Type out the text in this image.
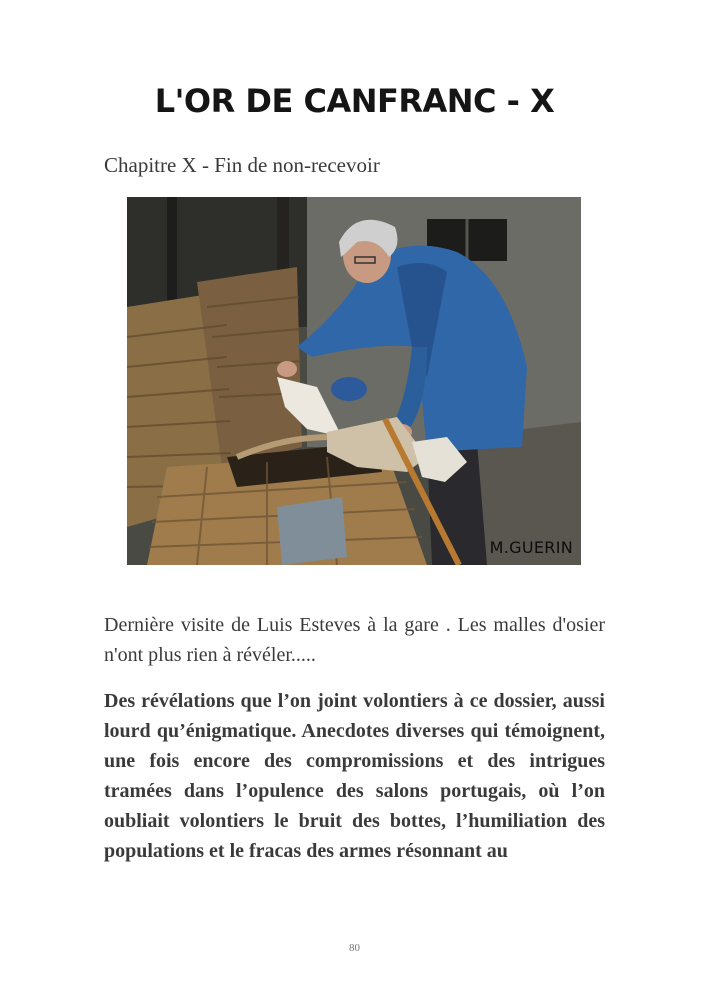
L'OR DE CANFRANC - X

Chapitre X - Fin de non-recevoir

M.GUERIN

Dernière visite de Luis Esteves à la gare . Les malles d'osier n'ont plus rien à révéler.....

Des révélations que l’on joint volontiers à ce dossier, aussi lourd qu’énigmatique. Anecdotes diverses qui témoignent, une fois encore des compromissions et des intrigues tramées dans l’opulence des salons portugais, où l’on oubliait volontiers le bruit des bottes, l’humiliation des populations et le fracas des armes résonnant au

80
